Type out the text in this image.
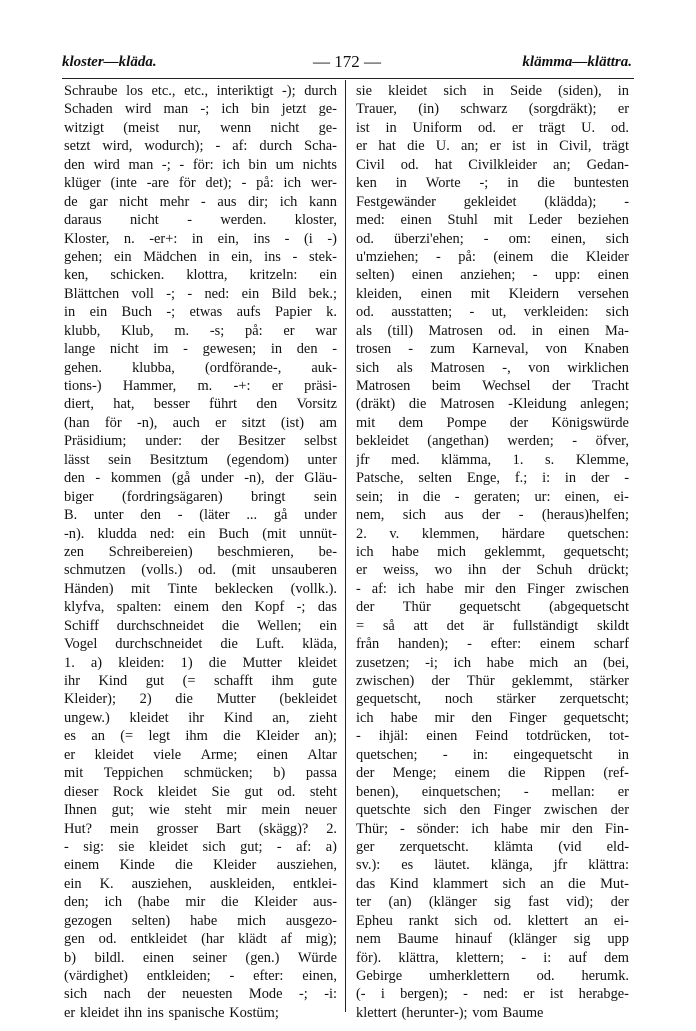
kloster—kläda.	— 172 —	klämma—klättra.
Schraube los etc., etc., interiktigt -); durch
Schaden wird man -; ich bin jetzt ge-
witzigt (meist nur, wenn nicht ge-
setzt wird, wodurch); - af: durch Scha-
den wird man -; - för: ich bin um nichts
klüger (inte -are för det); - på: ich wer-
de gar nicht mehr - aus dir; ich kann
daraus nicht - werden. kloster,
Kloster, n. -er+: in ein, ins - (i -)
gehen; ein Mädchen in ein, ins - stek-
ken, schicken. klottra, kritzeln: ein
Blättchen voll -; - ned: ein Bild bek.;
in ein Buch -; etwas aufs Papier k.
klubb, Klub, m. -s; på: er war
lange nicht im - gewesen; in den -
gehen. klubba, (ordförande-, auk-
tions-) Hammer, m. -+: er präsi-
diert, hat, besser führt den Vorsitz
(han för -n), auch er sitzt (ist) am
Präsidium; under: der Besitzer selbst
lässt sein Besitztum (egendom) unter
den - kommen (gå under -n), der Gläu-
biger (fordringsägaren) bringt sein
B. unter den - (läter ... gå under
-n). kludda ned: ein Buch (mit unnüt-
zen Schreibereien) beschmieren, be-
schmutzen (volls.) od. (mit unsauberen
Händen) mit Tinte beklecken (vollk.).
klyfva, spalten: einem den Kopf -; das
Schiff durchschneidet die Wellen; ein
Vogel durchschneidet die Luft. kläda,
1. a) kleiden: 1) die Mutter kleidet
ihr Kind gut (= schafft ihm gute
Kleider); 2) die Mutter (bekleidet
ungew.) kleidet ihr Kind an, zieht
es an (= legt ihm die Kleider an);
er kleidet viele Arme; einen Altar
mit Teppichen schmücken; b) passa
dieser Rock kleidet Sie gut od. steht
Ihnen gut; wie steht mir mein neuer
Hut? mein grosser Bart (skägg)? 2.
- sig: sie kleidet sich gut; - af: a)
einem Kinde die Kleider ausziehen,
ein K. ausziehen, auskleiden, entklei-
den; ich (habe mir die Kleider aus-
gezogen selten) habe mich ausgezo-
gen od. entkleidet (har klädt af mig);
b) bildl. einen seiner (gen.) Würde
(värdighet) entkleiden; - efter: einen,
sich nach der neuesten Mode -; -i:
er kleidet ihn ins spanische Kostüm;
sie kleidet sich in Seide (siden), in
Trauer, (in) schwarz (sorgdräkt); er
ist in Uniform od. er trägt U. od.
er hat die U. an; er ist in Civil, trägt
Civil od. hat Civilkleider an; Gedan-
ken in Worte -; in die buntesten
Festgewänder gekleidet (klädda); -
med: einen Stuhl mit Leder beziehen
od. überzi'ehen; - om: einen, sich
u'mziehen; - på: (einem die Kleider
selten) einen anziehen; - upp: einen
kleiden, einen mit Kleidern versehen
od. ausstatten; - ut, verkleiden: sich
als (till) Matrosen od. in einen Ma-
trosen - zum Karneval, von Knaben
sich als Matrosen -, von wirklichen
Matrosen beim Wechsel der Tracht
(dräkt) die Matrosen -Kleidung anlegen;
mit dem Pompe der Königswürde
bekleidet (angethan) werden; - öfver,
jfr med. klämma, 1. s. Klemme,
Patsche, selten Enge, f.; i: in der -
sein; in die - geraten; ur: einen, ei-
nem, sich aus der - (heraus)helfen;
2. v. klemmen, härdare quetschen:
ich habe mich geklemmt, gequetscht;
er weiss, wo ihn der Schuh drückt;
- af: ich habe mir den Finger zwischen
der Thür gequetscht (abgequetscht
= så att det är fullständigt skildt
från handen); - efter: einem scharf
zusetzen; -i; ich habe mich an (bei,
zwischen) der Thür geklemmt, stärker
gequetscht, noch stärker zerquetscht;
ich habe mir den Finger gequetscht;
- ihjäl: einen Feind totdrücken, tot-
quetschen; - in: eingequetscht in
der Menge; einem die Rippen (ref-
benen), einquetschen; - mellan: er
quetschte sich den Finger zwischen der
Thür; - sönder: ich habe mir den Fin-
ger zerquetscht. klämta (vid eld-
sv.): es läutet. klänga, jfr klättra:
das Kind klammert sich an die Mut-
ter (an) (klänger sig fast vid); der
Epheu rankt sich od. klettert an ei-
nem Baume hinauf (klänger sig upp
för). klättra, klettern; - i: auf dem
Gebirge umherklettern od. herumk.
(- i bergen); - ned: er ist herabge-
klettert (herunter-); vom Baume
